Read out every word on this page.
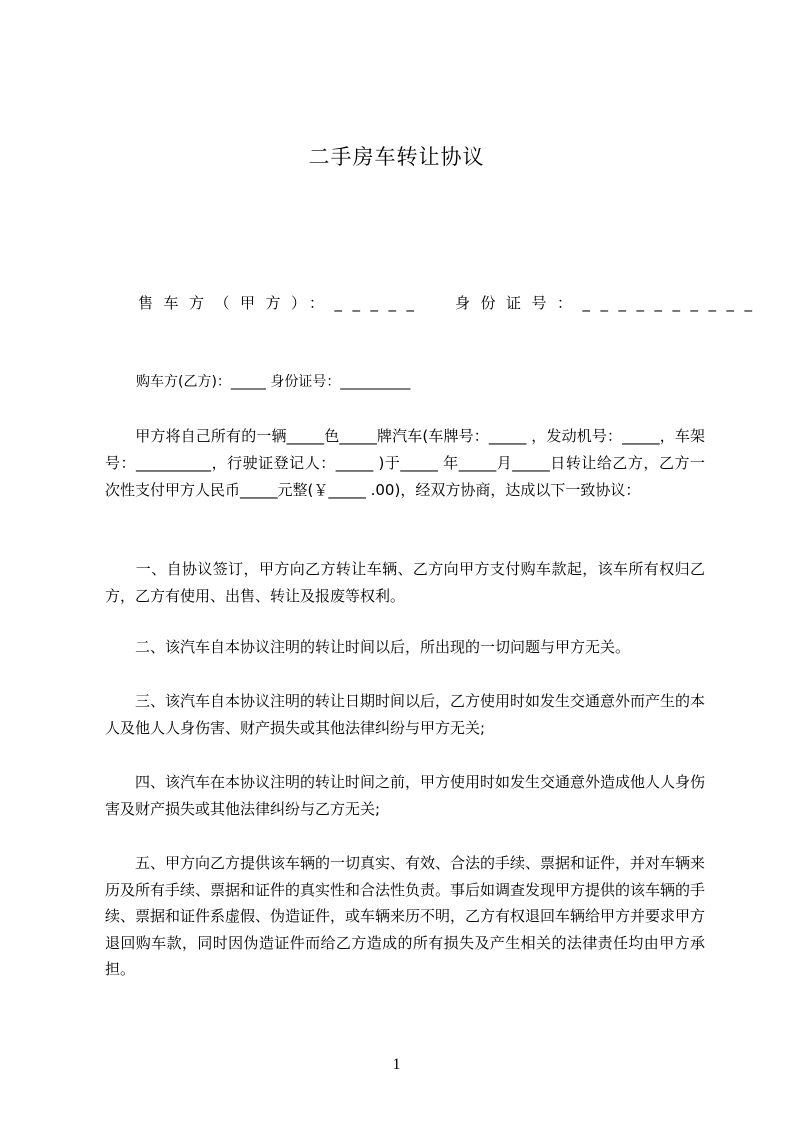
二手房车转让协议
售车方（甲方）：_____  身份证号：__________
购车方(乙方)：_____ 身份证号：__________
　　甲方将自己所有的一辆_____色_____牌汽车(车牌号：_____ ，发动机号：_____，车架号：__________，行驶证登记人：_____ )于_____ 年_____月_____日转让给乙方，乙方一次性支付甲方人民币_____元整(￥_____ .00)，经双方协商，达成以下一致协议：
　　一、自协议签订，甲方向乙方转让车辆、乙方向甲方支付购车款起，该车所有权归乙方，乙方有使用、出售、转让及报废等权利。
　　二、该汽车自本协议注明的转让时间以后，所出现的一切问题与甲方无关。
　　三、该汽车自本协议注明的转让日期时间以后，乙方使用时如发生交通意外而产生的本人及他人人身伤害、财产损失或其他法律纠纷与甲方无关;
　　四、该汽车在本协议注明的转让时间之前，甲方使用时如发生交通意外造成他人人身伤害及财产损失或其他法律纠纷与乙方无关;
　　五、甲方向乙方提供该车辆的一切真实、有效、合法的手续、票据和证件，并对车辆来历及所有手续、票据和证件的真实性和合法性负责。事后如调查发现甲方提供的该车辆的手续、票据和证件系虚假、伪造证件，或车辆来历不明，乙方有权退回车辆给甲方并要求甲方退回购车款，同时因伪造证件而给乙方造成的所有损失及产生相关的法律责任均由甲方承担。
1
